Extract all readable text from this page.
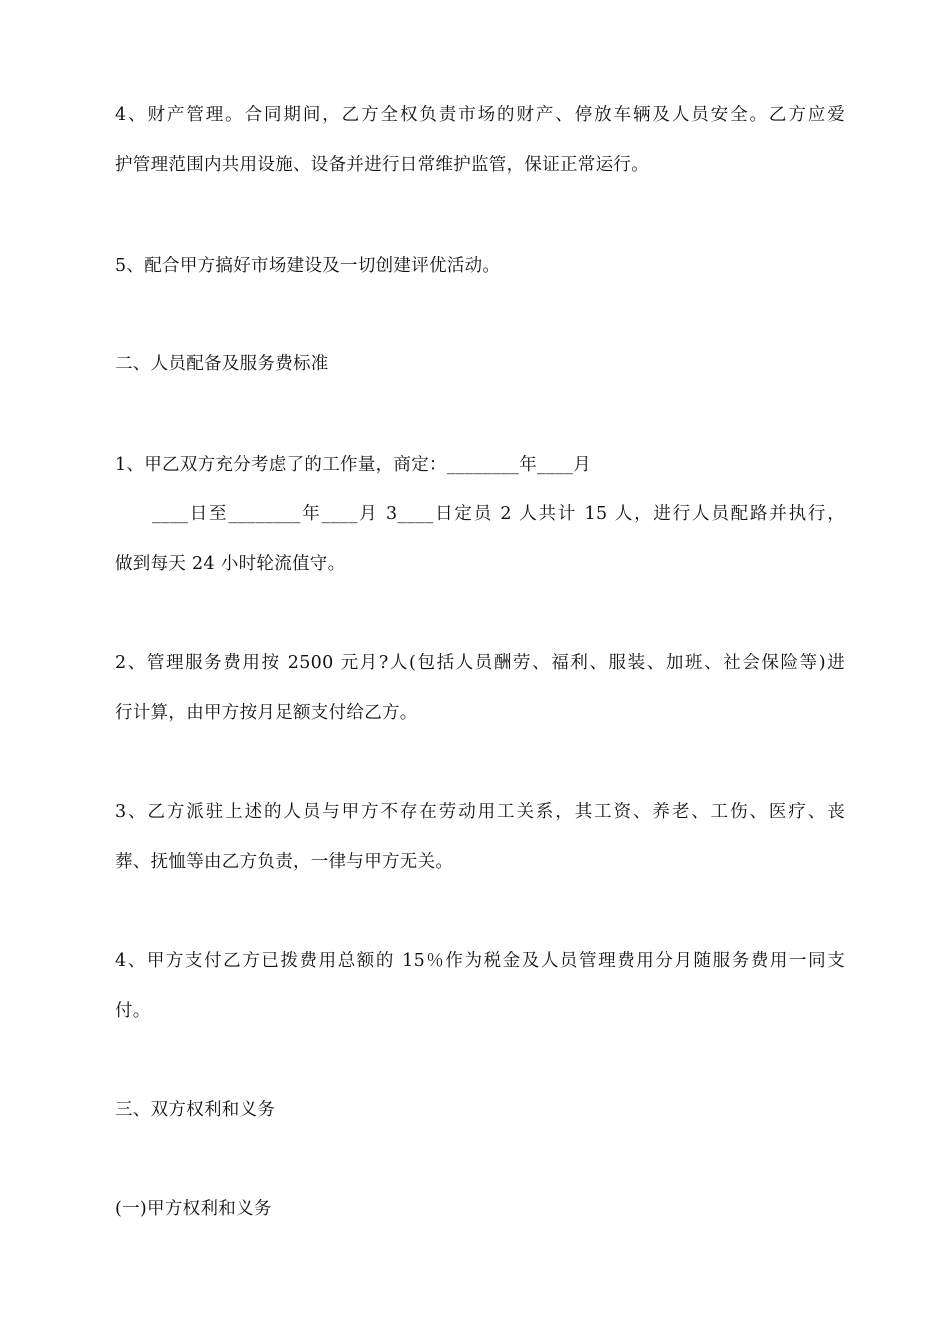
4、财产管理。合同期间，乙方全权负责市场的财产、停放车辆及人员安全。乙方应爱
护管理范围内共用设施、设备并进行日常维护监管，保证正常运行。
5、配合甲方搞好市场建设及一切创建评优活动。
二、人员配备及服务费标准
1、甲乙双方充分考虑了的工作量，商定：________年____月
____日至________年____月 3____日定员 2 人共计 15 人，进行人员配路并执行，
做到每天 24 小时轮流值守。
2、管理服务费用按 2500 元月?人(包括人员酬劳、福利、服装、加班、社会保险等)进
行计算，由甲方按月足额支付给乙方。
3、乙方派驻上述的人员与甲方不存在劳动用工关系，其工资、养老、工伤、医疗、丧
葬、抚恤等由乙方负责，一律与甲方无关。
4、甲方支付乙方已拨费用总额的 15％作为税金及人员管理费用分月随服务费用一同支
付。
三、双方权利和义务
(一)甲方权利和义务
